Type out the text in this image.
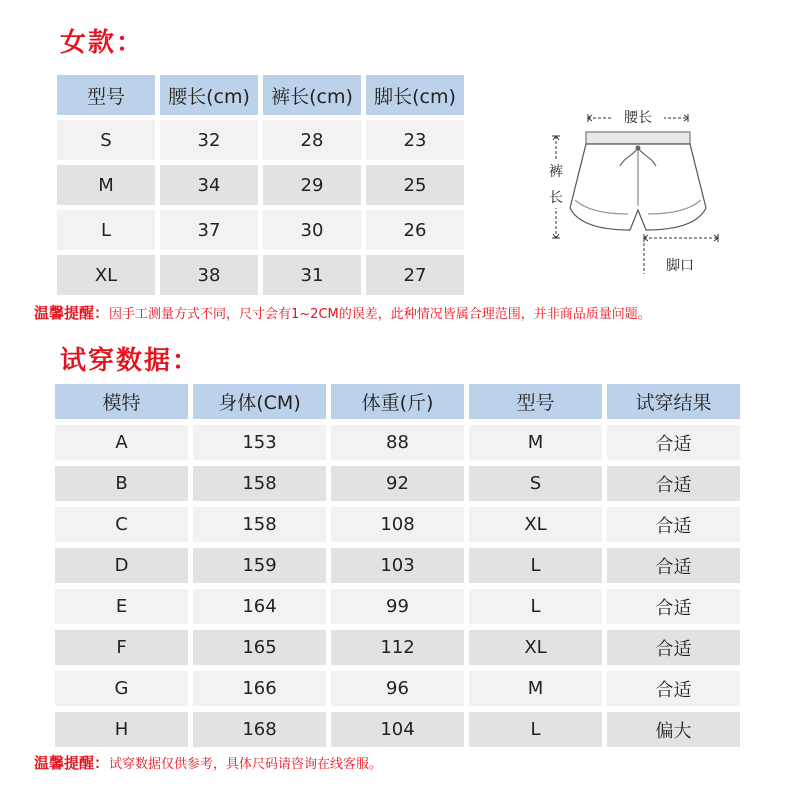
女款：
型号	腰长(cm)	裤长(cm)	脚长(cm)
S	32	28	23
M	34	29	25
L	37	30	26
XL	38	31	27
腰长
裤
长
脚口
温馨提醒：因手工测量方式不同，尺寸会有1~2CM的误差，此种情况皆属合理范围，并非商品质量问题。
试穿数据：
模特	身体(CM)	体重(斤)	型号	试穿结果
A	153	88	M	合适
B	158	92	S	合适
C	158	108	XL	合适
D	159	103	L	合适
E	164	99	L	合适
F	165	112	XL	合适
G	166	96	M	合适
H	168	104	L	偏大
温馨提醒：试穿数据仅供参考，具体尺码请咨询在线客服。
